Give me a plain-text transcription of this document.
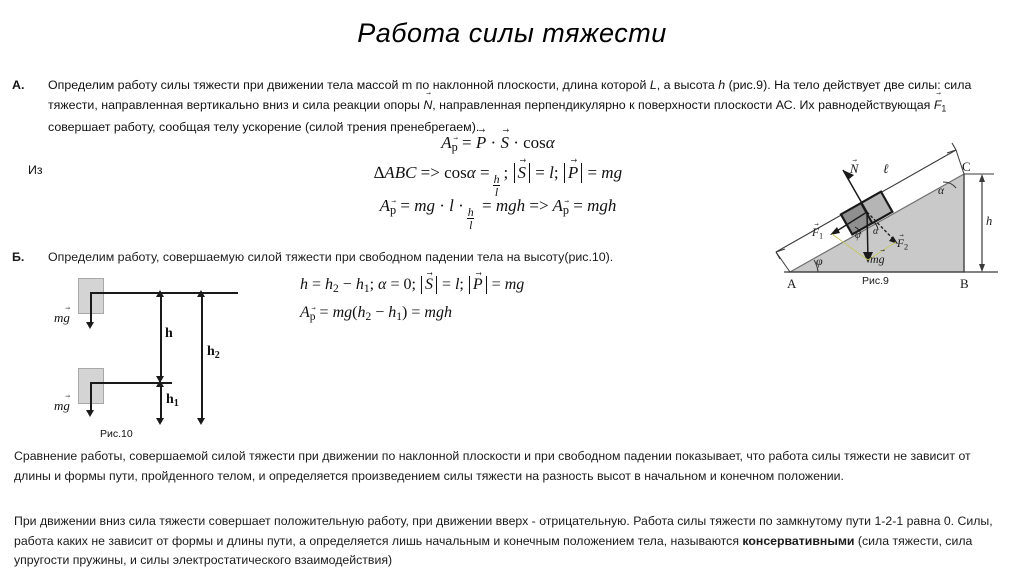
Работа силы тяжести
А.	Определим работу силы тяжести при движении тела массой m по наклонной плоскости, длина которой L, а высота h (рис.9). На тело действует две силы: сила тяжести, направленная вертикально вниз и сила реакции опоры → N, направленная перпендикулярно к поверхности плоскости АС. Их равнодействующая → $F_1$ совершает работу, сообщая телу ускорение (силой трения пренебрегаем).
Из
A→ p = → P · → S · cosα
∆ABC => cosα =
$\frac{h}{l}$
; → S = l; → P = mg
A→ p = mg · l ·
$\frac{h}{l}$
= mgh => A→ p = mgh
A	B
C
→ N ℓ
→ $F_1$
→ $F_2$
m→ g
α
α
φ
φ
h
Рис.9
Б.	Определим работу, совершаемую силой тяжести при свободном падении тела на высоту(рис.10).
$h = h_2 - h_1$; α = 0; → S = l; → P = mg
$A\to p = mg(h_2 - h_1)$ = mgh
m→ g
m→ g
h
$h_1$
$h_2$
Рис.10
Сравнение работы, совершаемой силой тяжести при движении по наклонной плоскости и при свободном падении показывает, что работа силы тяжести не зависит от длины и формы пути, пройденного телом, и определяется произведением силы тяжести на разность высот в начальном и конечном положении.
При движении вниз сила тяжести совершает положительную работу, при движении вверх - отрицательную. Работа силы тяжести по замкнутому пути 1-2-1 равна 0. Силы, работа каких не зависит от формы и длины пути, а определяется лишь начальным и конечным положением тела, называются консервативными (сила тяжести, сила упругости пружины, и силы электростатического взаимодействия)
